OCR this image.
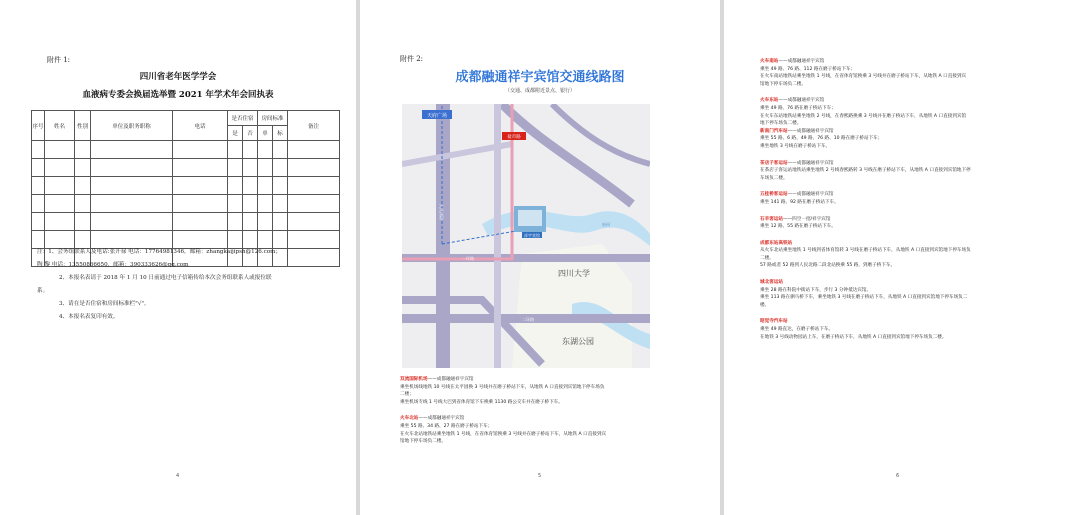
附件 1:
四川省老年医学学会
血液病专委会换届选举暨 2021 年学术年会回执表
序号	姓名	性别	单位及职务职称	电话	是否住宿		房间标准		备注
					是	否	单	标	

注：1、会务组联系人及电话:张开禄 电话：17764981346，邮箱：zhangkaijipsh@126.com；
陶 黎 电话：13550866650，邮箱：390333626@qq.com
2、本报名表请于 2018 年 1 月 10 日前通过电子信箱传给本次会务组联系人或报位联
系。
3、请在是否住宿和房间标准栏"√"。
4、本报名表复印有效。
4
附件 2:
成都融通祥宇宾馆交通线路图
（交通、成都附近景点、银行）
祥宇宾馆
天府广场
盐市路
四川大学
东湖公园
人民南路
一环路
二环路
府河
双流国际机场——成都融通祥宇宾馆
乘坐机场线地铁 10 号线在太平园换 3 号线并在磨子桥站下车，从地铁 A 口直接到宾馆地下停车场负
二楼；
乘坐机场专线 1 号线大巴到省体育馆下车换乘 1130 路公交车并在磨子桥下车。
火车北站——成都融通祥宇宾馆
乘坐 55 路、34 路、27 路在磨子桥站下车；
在火车北站地铁站乘坐地铁 1 号线，在省体育馆换乘 3 号线并在磨子桥站下车，从地铁 A 口直接到宾
馆地下停车场负二楼。
5
火车南站——成都融通祥宇宾馆
乘坐 49 路、76 路、112 路在磨子桥站下车；
在火车南站地铁站乘坐地铁 1 号线，在省体育馆换乘 3 号线并在磨子桥站下车，从地铁 A 口直接到宾
馆地下停车场负二楼。
火车东站——成都融通祥宇宾馆
乘坐 49 路、76 路在磨子桥站下车；
在火车东站地铁站乘坐地铁 2 号线，在春熙路换乘 3 号线并在磨子桥站下车，从地铁 A 口直接到宾馆
地下停车场负二楼。
新南门汽车站——成都融通祥宇宾馆
乘坐 55 路、6 路、49 路、76 路、10 路在磨子桥站下车；
乘坐地铁 3 号线在磨子桥站下车。
茶店子客运站——成都融通祥宇宾馆
在茶店子客运站地铁站乘坐地铁 2 号线春熙路转 3 号线在磨子桥站下车，从地铁 A 口直接到宾馆地下停
车场负二楼。
五桂桥客运站——成都融通祥宇宾馆
乘坐 141 路、92 路在磨子桥站下车。
石羊客运站——四空一招/祥宇宾馆
乘坐 12 路、55 路在磨子桥站下车。
成都东站高铁站
从火车北站乘坐地铁 1 号线到省体育馆转 3 号线在磨子桥站下车，从地铁 A 口直接到宾馆地下停车场负
二楼。
57 路或者 52 路到人民北路二段北站换乘 55 路，到磨子桥下车。
城北客运站
乘坐 28 路在科院中街站下车，步行 3 分钟抵达宾馆。
乘坐 113 路在驷马桥下车，乘坐地铁 3 号线在磨子桥站下车，从地铁 A 口直接到宾馆地下停车场负二
楼。
昭觉寺汽车站
乘坐 49 路直达，在磨子桥站下车。
在地铁 3 号线动物园站上车，在磨子桥站下车，从地铁 A 口直接到宾馆地下停车场负二楼。
6
